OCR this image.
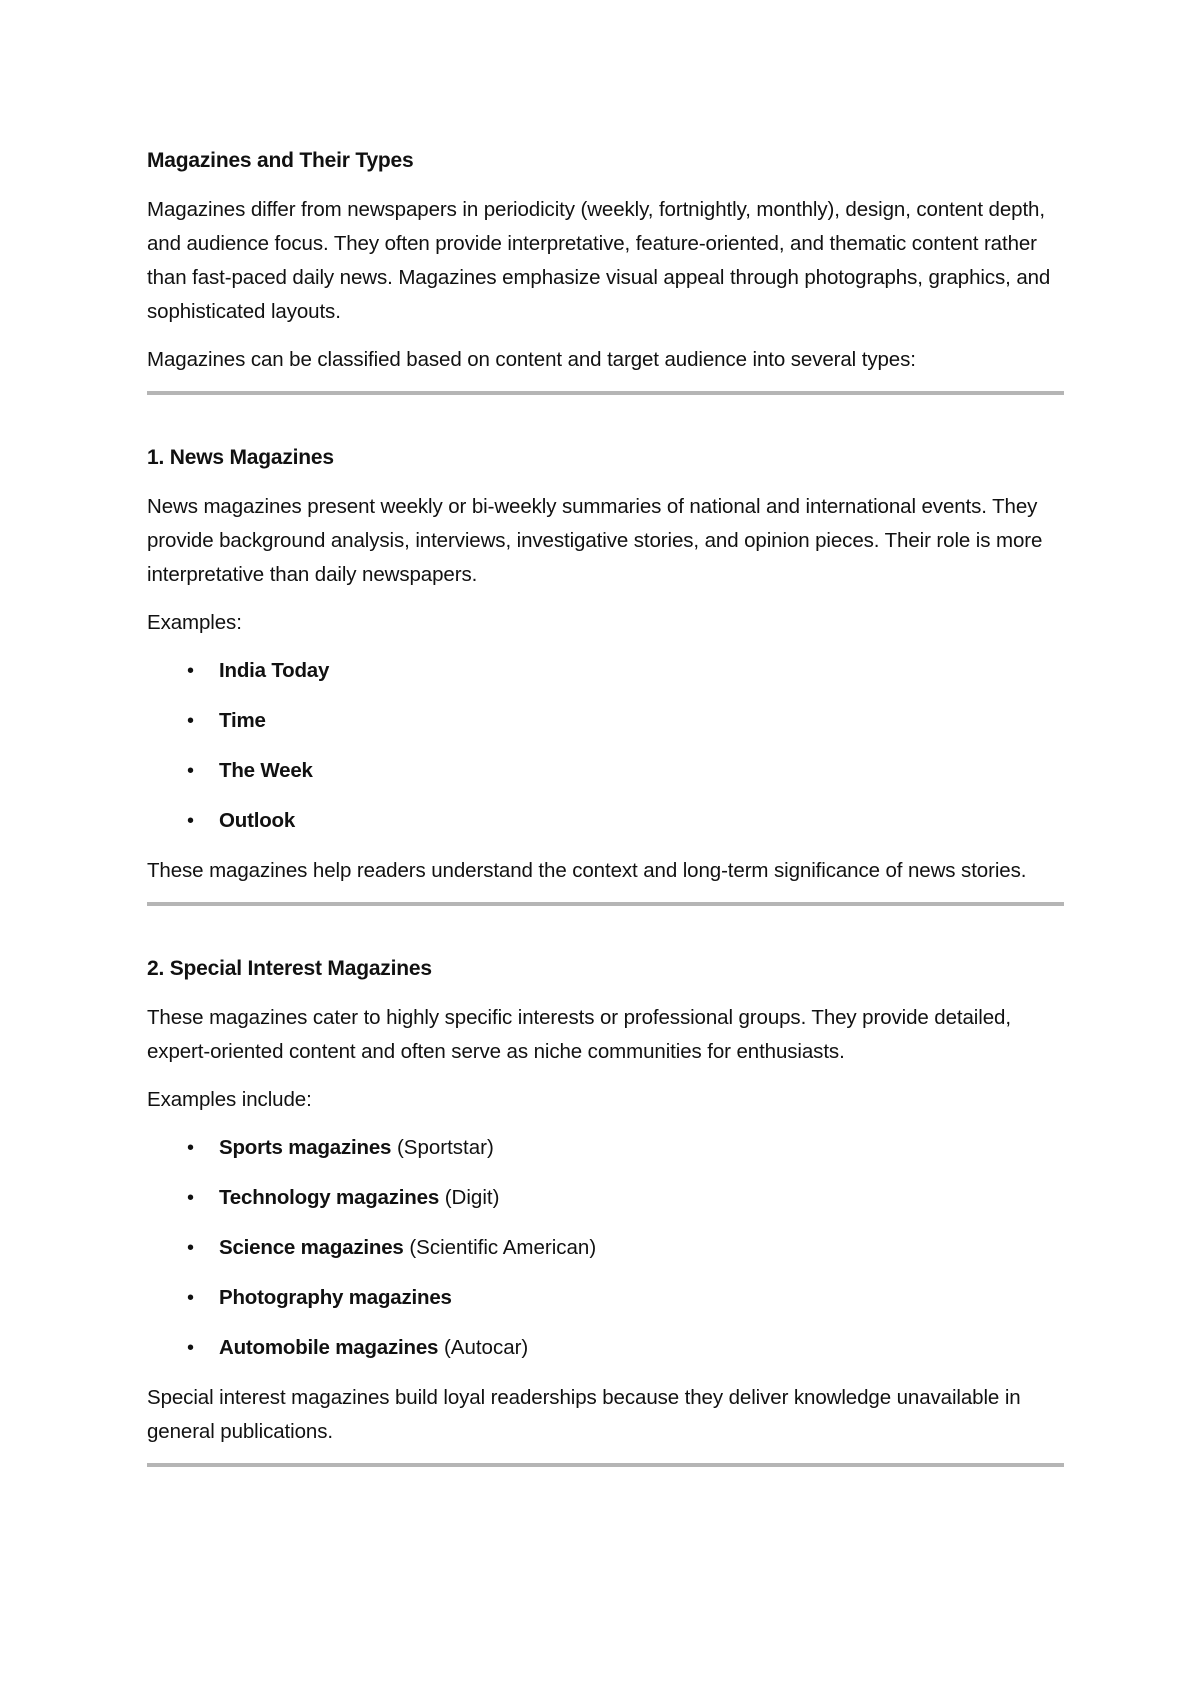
Magazines and Their Types

Magazines differ from newspapers in periodicity (weekly, fortnightly, monthly), design, content depth, and audience focus. They often provide interpretative, feature-oriented, and thematic content rather than fast-paced daily news. Magazines emphasize visual appeal through photographs, graphics, and sophisticated layouts.

Magazines can be classified based on content and target audience into several types:

1. News Magazines

News magazines present weekly or bi-weekly summaries of national and international events. They provide background analysis, interviews, investigative stories, and opinion pieces. Their role is more interpretative than daily newspapers.

Examples:

• India Today
• Time
• The Week
• Outlook

These magazines help readers understand the context and long-term significance of news stories.

2. Special Interest Magazines

These magazines cater to highly specific interests or professional groups. They provide detailed, expert-oriented content and often serve as niche communities for enthusiasts.

Examples include:

• Sports magazines (Sportstar)
• Technology magazines (Digit)
• Science magazines (Scientific American)
• Photography magazines
• Automobile magazines (Autocar)

Special interest magazines build loyal readerships because they deliver knowledge unavailable in general publications.
